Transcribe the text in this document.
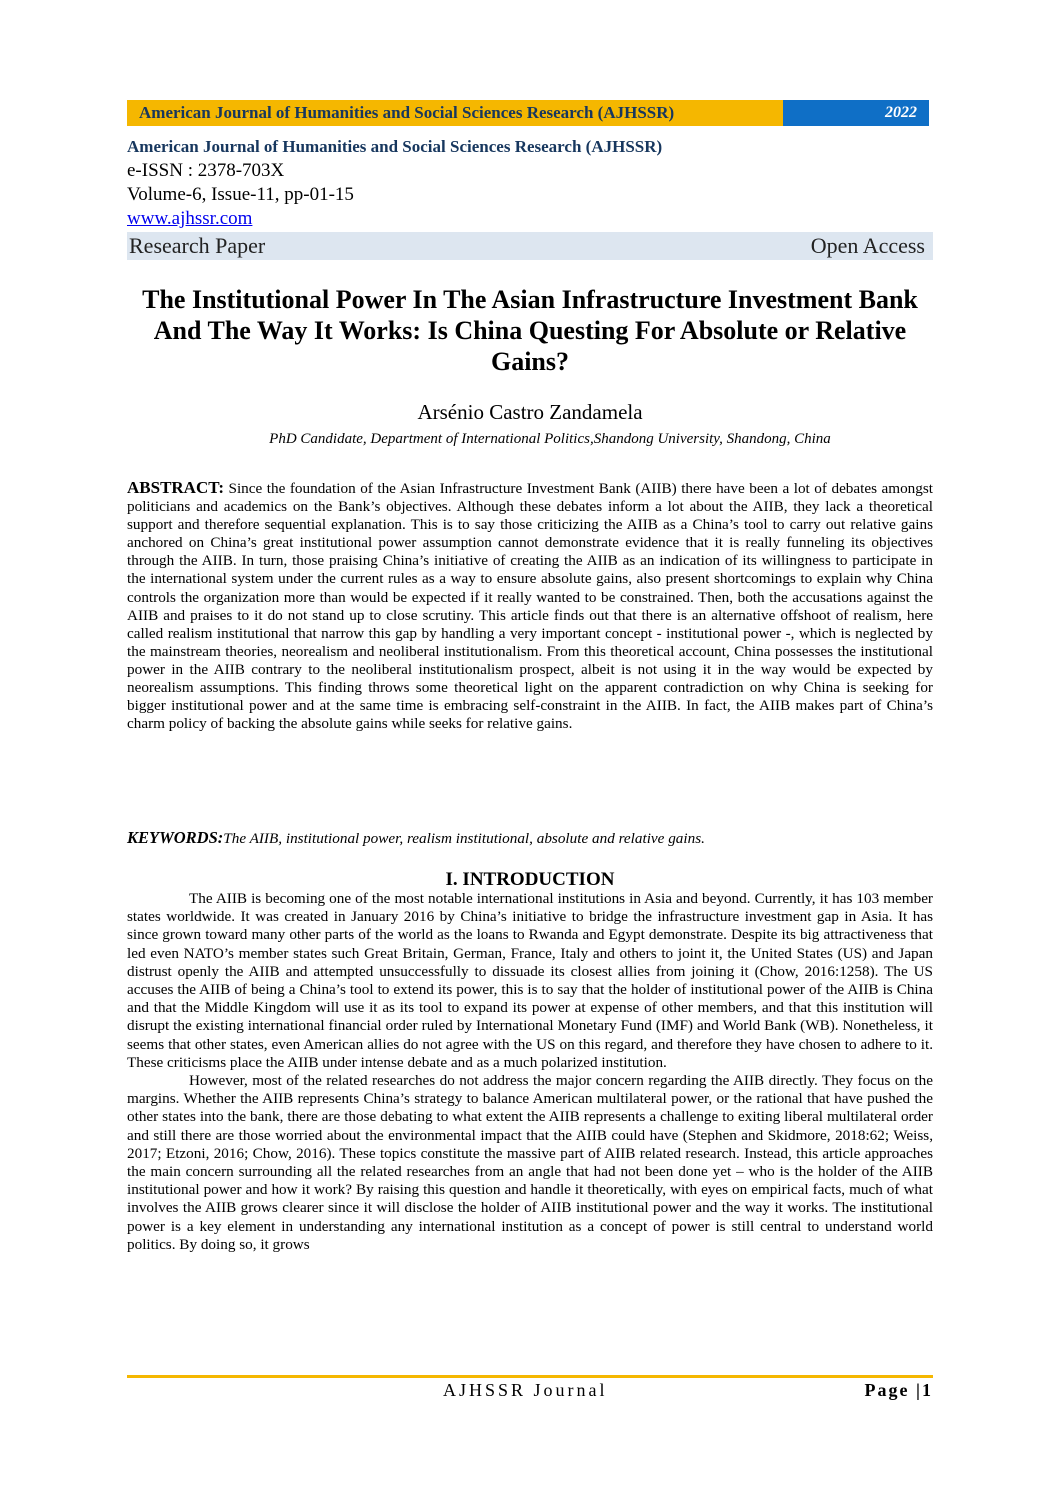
American Journal of Humanities and Social Sciences Research (AJHSSR)	2022
American Journal of Humanities and Social Sciences Research (AJHSSR)
e-ISSN : 2378-703X
Volume-6, Issue-11, pp-01-15
www.ajhssr.com
Research Paper	Open Access
The Institutional Power In The Asian Infrastructure Investment Bank And The Way It Works: Is China Questing For Absolute or Relative Gains?
Arsénio Castro Zandamela
PhD Candidate, Department of International Politics,Shandong University, Shandong, China
ABSTRACT: Since the foundation of the Asian Infrastructure Investment Bank (AIIB) there have been a lot of debates amongst politicians and academics on the Bank’s objectives. Although these debates inform a lot about the AIIB, they lack a theoretical support and therefore sequential explanation. This is to say those criticizing the AIIB as a China’s tool to carry out relative gains anchored on China’s great institutional power assumption cannot demonstrate evidence that it is really funneling its objectives through the AIIB. In turn, those praising China’s initiative of creating the AIIB as an indication of its willingness to participate in the international system under the current rules as a way to ensure absolute gains, also present shortcomings to explain why China controls the organization more than would be expected if it really wanted to be constrained. Then, both the accusations against the AIIB and praises to it do not stand up to close scrutiny. This article finds out that there is an alternative offshoot of realism, here called realism institutional that narrow this gap by handling a very important concept - institutional power -, which is neglected by the mainstream theories, neorealism and neoliberal institutionalism. From this theoretical account, China possesses the institutional power in the AIIB contrary to the neoliberal institutionalism prospect, albeit is not using it in the way would be expected by neorealism assumptions. This finding throws some theoretical light on the apparent contradiction on why China is seeking for bigger institutional power and at the same time is embracing self-constraint in the AIIB. In fact, the AIIB makes part of China’s charm policy of backing the absolute gains while seeks for relative gains.
KEYWORDS:The AIIB, institutional power, realism institutional, absolute and relative gains.
I. INTRODUCTION

The AIIB is becoming one of the most notable international institutions in Asia and beyond. Currently, it has 103 member states worldwide. It was created in January 2016 by China’s initiative to bridge the infrastructure investment gap in Asia. It has since grown toward many other parts of the world as the loans to Rwanda and Egypt demonstrate. Despite its big attractiveness that led even NATO’s member states such Great Britain, German, France, Italy and others to joint it, the United States (US) and Japan distrust openly the AIIB and attempted unsuccessfully to dissuade its closest allies from joining it (Chow, 2016:1258). The US accuses the AIIB of being a China’s tool to extend its power, this is to say that the holder of institutional power of the AIIB is China and that the Middle Kingdom will use it as its tool to expand its power at expense of other members, and that this institution will disrupt the existing international financial order ruled by International Monetary Fund (IMF) and World Bank (WB). Nonetheless, it seems that other states, even American allies do not agree with the US on this regard, and therefore they have chosen to adhere to it. These criticisms place the AIIB under intense debate and as a much polarized institution.

However, most of the related researches do not address the major concern regarding the AIIB directly. They focus on the margins. Whether the AIIB represents China’s strategy to balance American multilateral power, or the rational that have pushed the other states into the bank, there are those debating to what extent the AIIB represents a challenge to exiting liberal multilateral order and still there are those worried about the environmental impact that the AIIB could have (Stephen and Skidmore, 2018:62; Weiss, 2017; Etzoni, 2016; Chow, 2016). These topics constitute the massive part of AIIB related research. Instead, this article approaches the main concern surrounding all the related researches from an angle that had not been done yet – who is the holder of the AIIB institutional power and how it work? By raising this question and handle it theoretically, with eyes on empirical facts, much of what involves the AIIB grows clearer since it will disclose the holder of AIIB institutional power and the way it works. The institutional power is a key element in understanding any international institution as a concept of power is still central to understand world politics. By doing so, it grows

AJHSSR Journal	Page |1
